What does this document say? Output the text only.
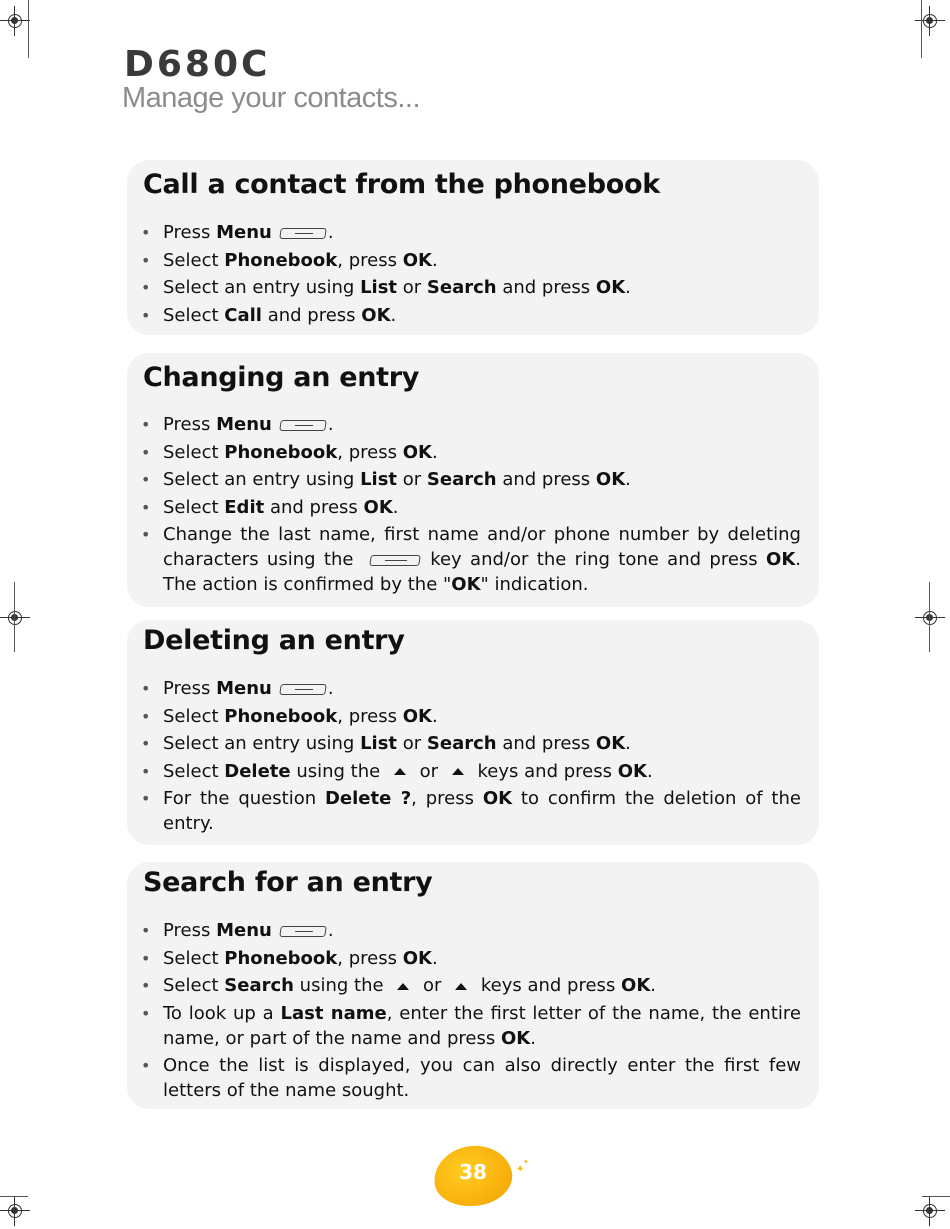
D680C
Manage your contacts...
Call a contact from the phonebook
• Press Menu	.
• Select Phonebook, press OK.
• Select an entry using List or Search and press OK.
• Select Call and press OK.
Changing an entry
• Press Menu	.
• Select Phonebook, press OK.
• Select an entry using List or Search and press OK.
• Select Edit and press OK.
• Change the last name, first name and/or phone number by deleting characters using the	key and/or the ring tone and press OK. The action is confirmed by the "OK" indication.
Deleting an entry
• Press Menu	.
• Select Phonebook, press OK.
• Select an entry using List or Search and press OK.
• Select Delete using the  or  keys and press OK.
• For the question Delete ?, press OK to confirm the deletion of the entry.
Search for an entry
• Press Menu	.
• Select Phonebook, press OK.
• Select Search using the  or  keys and press OK.
• To look up a Last name, enter the first letter of the name, the entire name, or part of the name and press OK.
• Once the list is displayed, you can also directly enter the first few letters of the name sought.
38	✦
✦
